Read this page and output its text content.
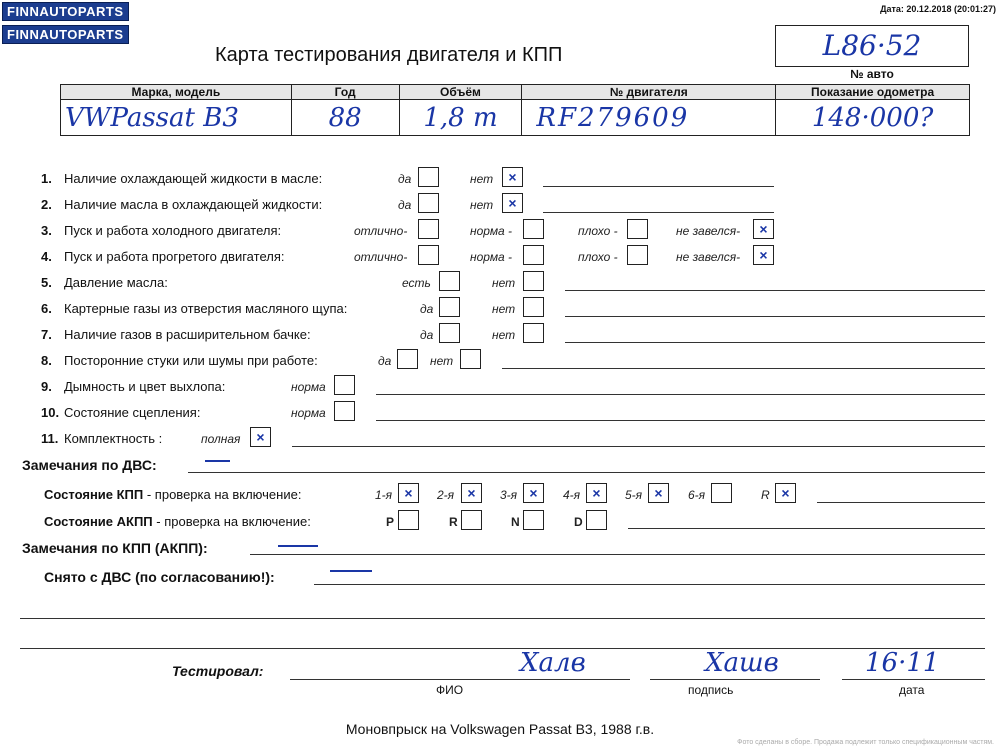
FINNAUTOPARTS
FINNAUTOPARTS
Дата: 20.12.2018 (20:01:27)
Карта тестирования двигателя и КПП	L86·52
№ авто
Марка, модель	Год	Объём	№ двигателя	Показание одометра

VWPassat B3	88	1,8 т	RF279609	148·000?
1. Наличие охлаждающей жидкости в масле:	да	нет ×
2. Наличие масла в охлаждающей жидкости:	да	нет ×
3. Пуск и работа холодного двигателя:	отлично-	норма -	плохо -	не завелся- ×
4. Пуск и работа прогретого двигателя:	отлично-	норма -	плохо -	не завелся- ×
5. Давление масла:	есть	нет
6. Картерные газы из отверстия масляного щупа:	да	нет
7. Наличие газов в расширительном бачке:	да	нет
8. Посторонние стуки или шумы при работе:	да	нет
9. Дымность и цвет выхлопа:	норма
10. Состояние сцепления:	норма
11. Комплектность :	полная ×
Замечания по ДВС:
Состояние КПП - проверка на включение:	1-я × 2-я × 3-я × 4-я × 5-я × 6-я	R ×
Состояние АКПП - проверка на включение:	P	R	N	D
Замечания по КПП (АКПП):
Снято с ДВС (по согласованию!):
Тестировал:	Халв	Хашв	16·11
ФИО	подпись	дата
Моновпрыск на Volkswagen Passat B3, 1988 г.в.
Фото сделаны в сборе. Продажа подлежит только спецификационным частям.
